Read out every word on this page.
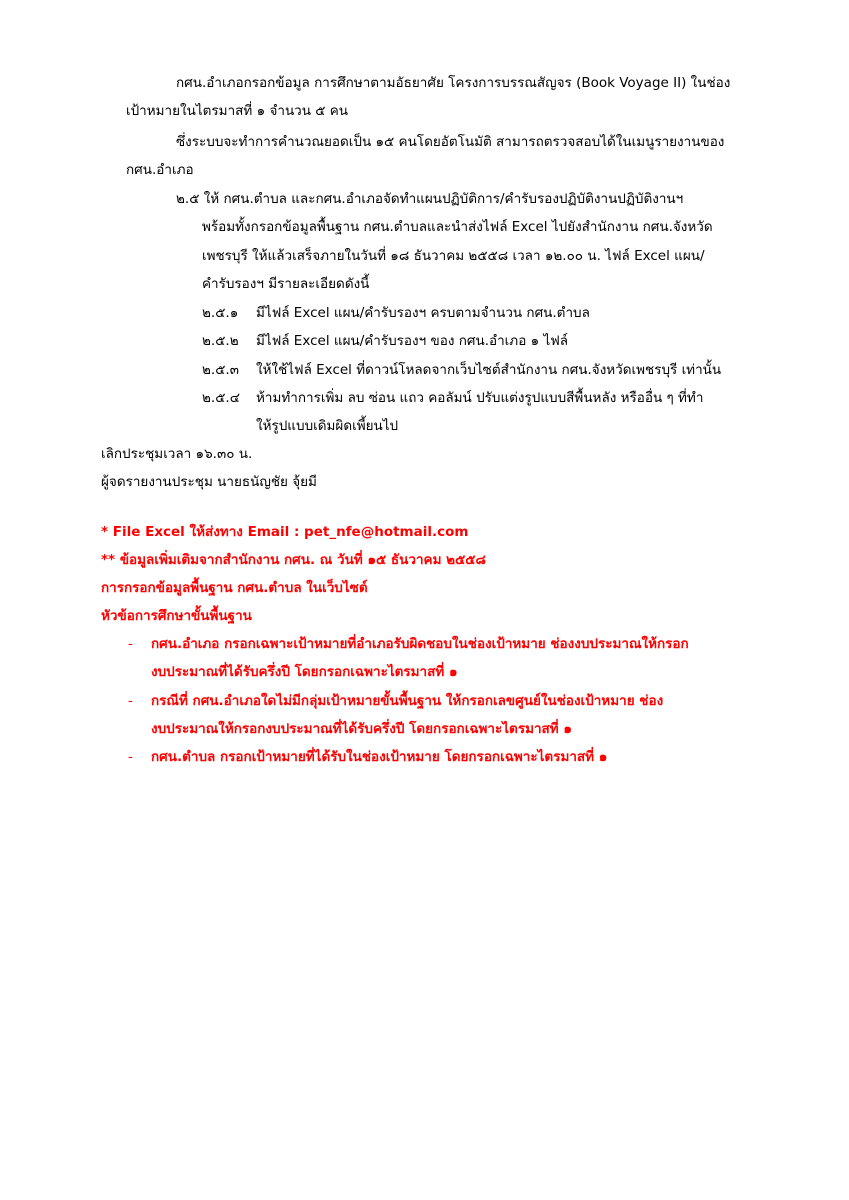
กศน.อำเภอกรอกข้อมูล การศึกษาตามอัธยาศัย โครงการบรรณสัญจร (Book Voyage II) ในช่อง
เป้าหมายในไตรมาสที่ ๑ จำนวน ๕ คน
ซึ่งระบบจะทำการคำนวณยอดเป็น ๑๕ คนโดยอัตโนมัติ สามารถตรวจสอบได้ในเมนูรายงานของ
กศน.อำเภอ
๒.๕ ให้ กศน.ตำบล และกศน.อำเภอจัดทำแผนปฏิบัติการ/คำรับรองปฏิบัติงานปฏิบัติงานฯ
พร้อมทั้งกรอกข้อมูลพื้นฐาน กศน.ตำบลและนำส่งไฟล์ Excel ไปยังสำนักงาน กศน.จังหวัด
เพชรบุรี ให้แล้วเสร็จภายในวันที่ ๑๘ ธันวาคม ๒๕๕๘ เวลา ๑๒.๐๐ น. ไฟล์ Excel แผน/
คำรับรองฯ มีรายละเอียดดังนี้
๒.๕.๑ มีไฟล์ Excel แผน/คำรับรองฯ ครบตามจำนวน กศน.ตำบล
๒.๕.๒ มีไฟล์ Excel แผน/คำรับรองฯ ของ กศน.อำเภอ ๑ ไฟล์
๒.๕.๓ ให้ใช้ไฟล์ Excel ที่ดาวน์โหลดจากเว็บไซต์สำนักงาน กศน.จังหวัดเพชรบุรี เท่านั้น
๒.๕.๔ ห้ามทำการเพิ่ม ลบ ซ่อน แถว คอลัมน์ ปรับแต่งรูปแบบสีพื้นหลัง หรืออื่น ๆ ที่ทำ
ให้รูปแบบเดิมผิดเพี้ยนไป
เลิกประชุมเวลา ๑๖.๓๐ น.
ผู้จดรายงานประชุม นายธนัญชัย จุ้ยมี
* File Excel ให้ส่งทาง Email : pet_nfe@hotmail.com
** ข้อมูลเพิ่มเติมจากสำนักงาน กศน. ณ วันที่ ๑๕ ธันวาคม ๒๕๕๘
การกรอกข้อมูลพื้นฐาน กศน.ตำบล ในเว็บไซต์
หัวข้อการศึกษาขั้นพื้นฐาน
- กศน.อำเภอ กรอกเฉพาะเป้าหมายที่อำเภอรับผิดชอบในช่องเป้าหมาย ช่องงบประมาณให้กรอก
งบประมาณที่ได้รับครึ่งปี โดยกรอกเฉพาะไตรมาสที่ ๑
- กรณีที่ กศน.อำเภอใดไม่มีกลุ่มเป้าหมายขั้นพื้นฐาน ให้กรอกเลขศูนย์ในช่องเป้าหมาย ช่อง
งบประมาณให้กรอกงบประมาณที่ได้รับครึ่งปี โดยกรอกเฉพาะไตรมาสที่ ๑
- กศน.ตำบล กรอกเป้าหมายที่ได้รับในช่องเป้าหมาย โดยกรอกเฉพาะไตรมาสที่ ๑
